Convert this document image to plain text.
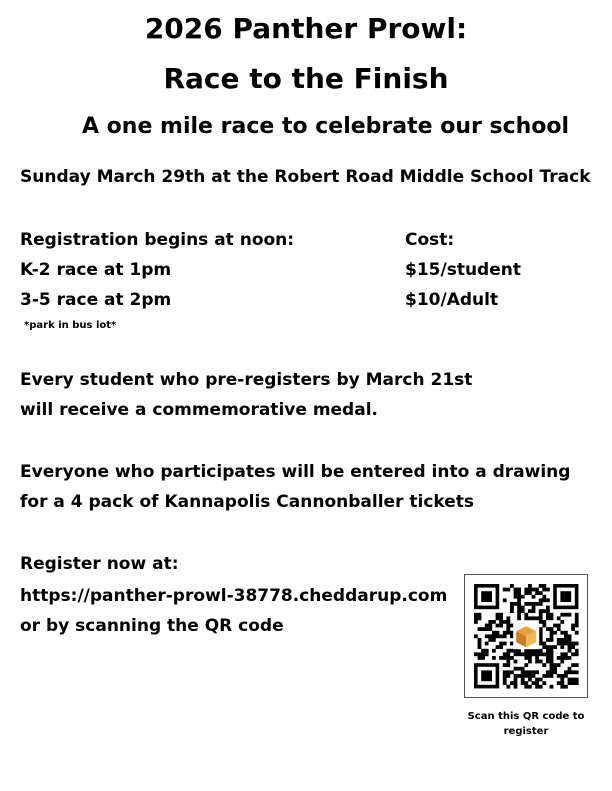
2026 Panther Prowl:
Race to the Finish
A one mile race to celebrate our school
Sunday March 29th at the Robert Road Middle School Track
Registration begins at noon:
K-2 race at 1pm
3-5 race at 2pm
*park in bus lot*
Cost:
$15/student
$10/Adult
Every student who pre-registers by March 21st
will receive a commemorative medal.
Everyone who participates will be entered into a drawing
for a 4 pack of Kannapolis Cannonballer tickets
Register now at:
https://panther-prowl-38778.cheddarup.com
or by scanning the QR code
Scan this QR code to register
